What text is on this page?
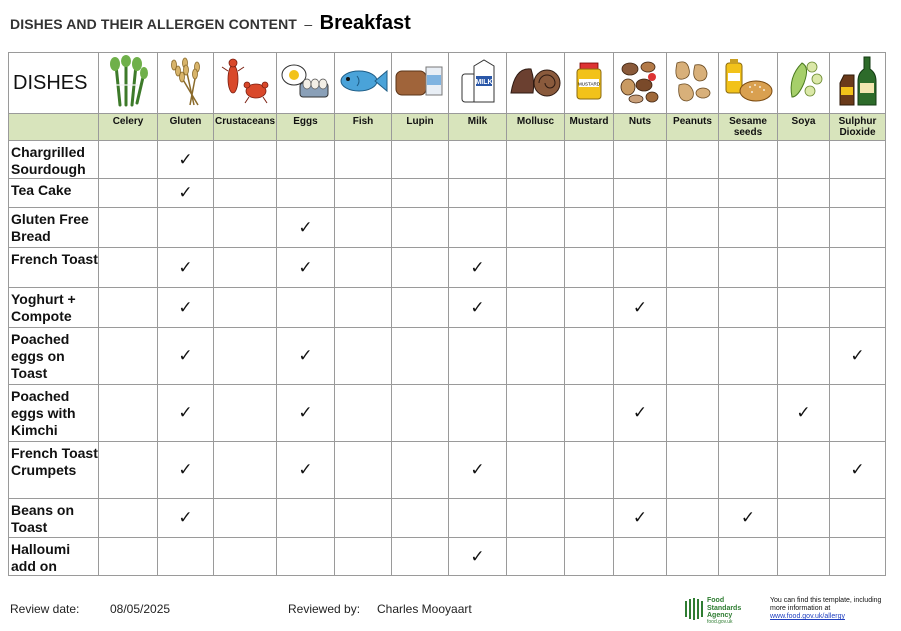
DISHES AND THEIR ALLERGEN CONTENT – Breakfast
DISHES							MILK		MUSTARD

	Celery	Gluten	Crustaceans	Eggs	Fish	Lupin	Milk	Mollusc	Mustard	Nuts	Peanuts	Sesame seeds	Soya	Sulphur Dioxide
Chargrilled Sourdough		✓												
Tea Cake		✓												
Gluten Free Bread				✓										
French Toast		✓		✓			✓							
Yoghurt + Compote		✓					✓			✓				
Poached eggs on Toast		✓		✓										✓
Poached eggs with Kimchi		✓		✓						✓			✓	
French Toast Crumpets		✓		✓			✓							✓
Beans on Toast		✓								✓		✓		
Halloumi add on							✓							
Review date:	08/05/2025	Reviewed by: Charles Mooyaart
Food Standards Agency
food.gov.uk
You can find this template, including more information at www.food.gov.uk/allergy
